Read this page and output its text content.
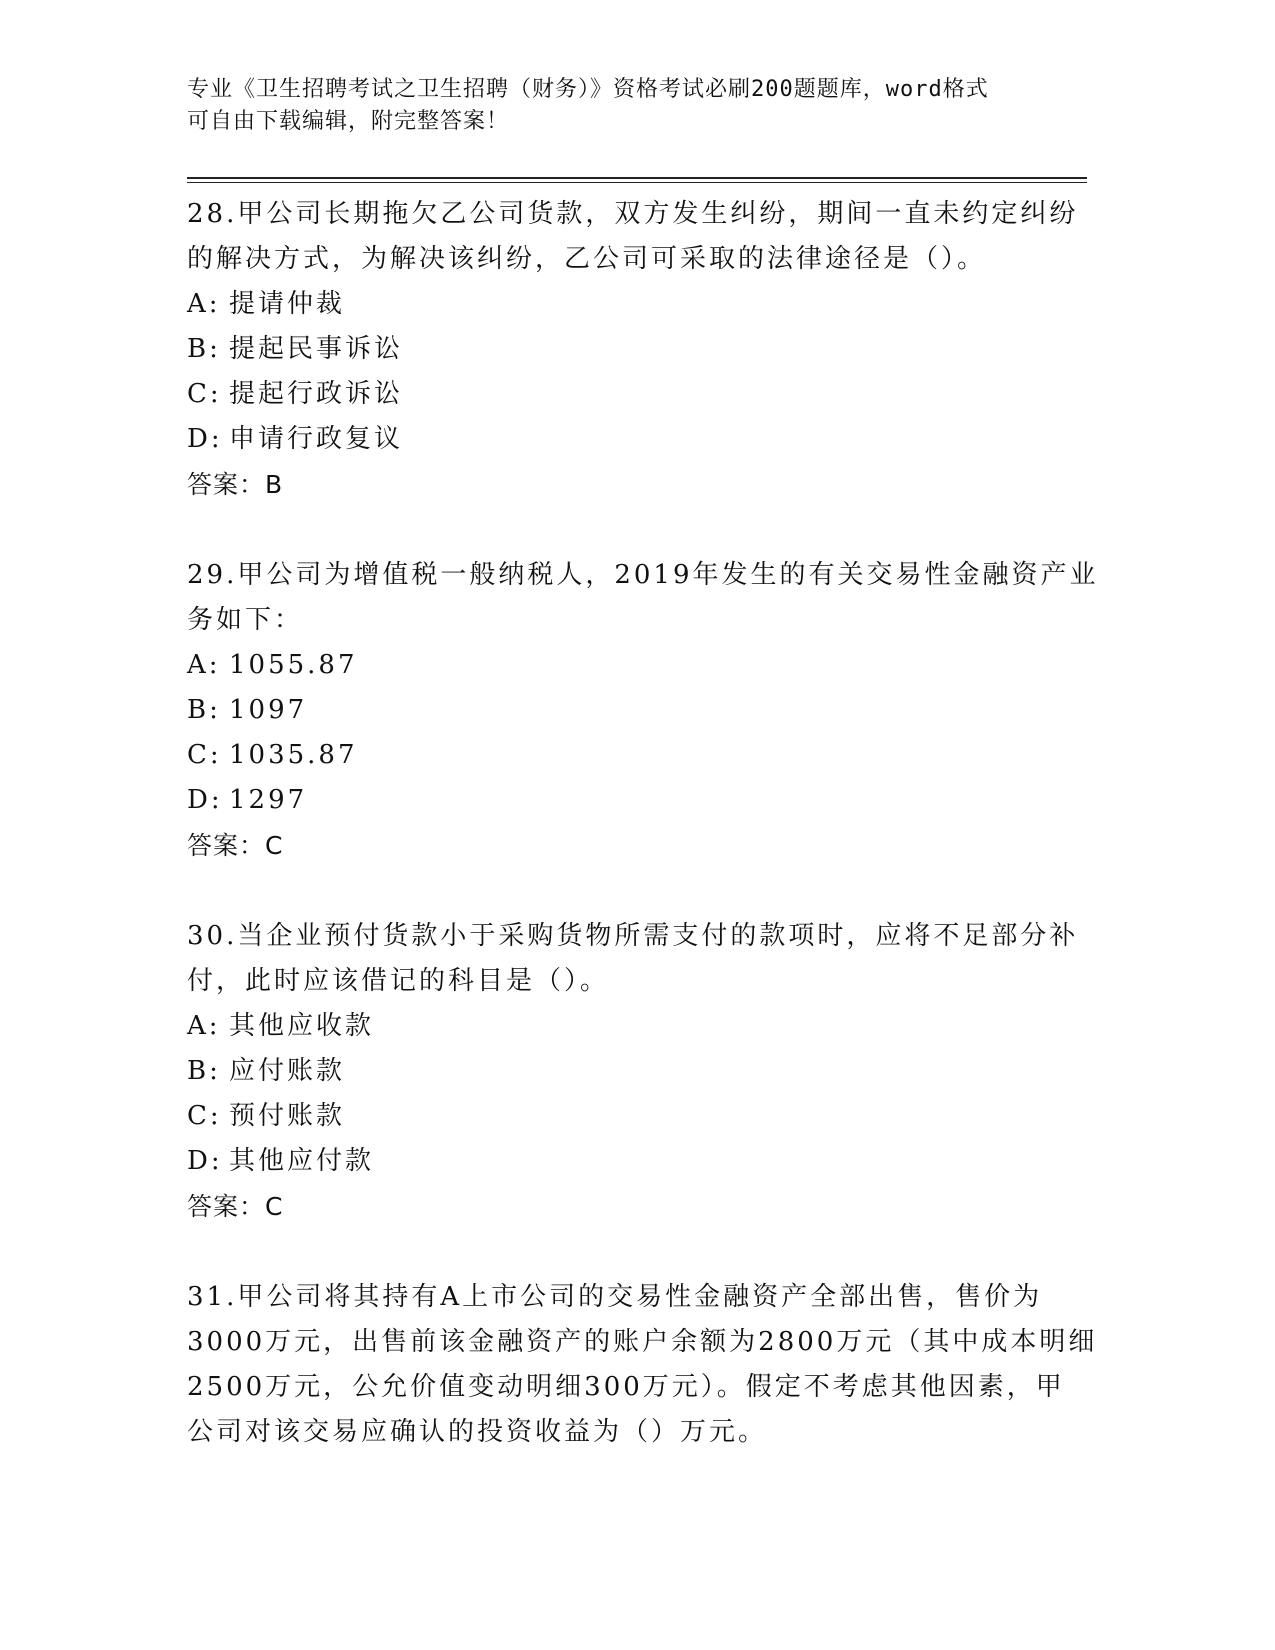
专业《卫生招聘考试之卫生招聘（财务）》资格考试必刷200题题库，word格式
可自由下载编辑，附完整答案！
28.甲公司长期拖欠乙公司货款，双方发生纠纷，期间一直未约定纠纷
的解决方式，为解决该纠纷，乙公司可采取的法律途径是（）。
A: 提请仲裁
B: 提起民事诉讼
C: 提起行政诉讼
D: 申请行政复议
答案：B
29.甲公司为增值税一般纳税人，2019年发生的有关交易性金融资产业
务如下：
A: 1055.87
B: 1097
C: 1035.87
D: 1297
答案：C
30.当企业预付货款小于采购货物所需支付的款项时，应将不足部分补
付，此时应该借记的科目是（）。
A: 其他应收款
B: 应付账款
C: 预付账款
D: 其他应付款
答案：C
31.甲公司将其持有A上市公司的交易性金融资产全部出售，售价为
3000万元，出售前该金融资产的账户余额为2800万元（其中成本明细
2500万元，公允价值变动明细300万元）。假定不考虑其他因素，甲
公司对该交易应确认的投资收益为（）万元。
